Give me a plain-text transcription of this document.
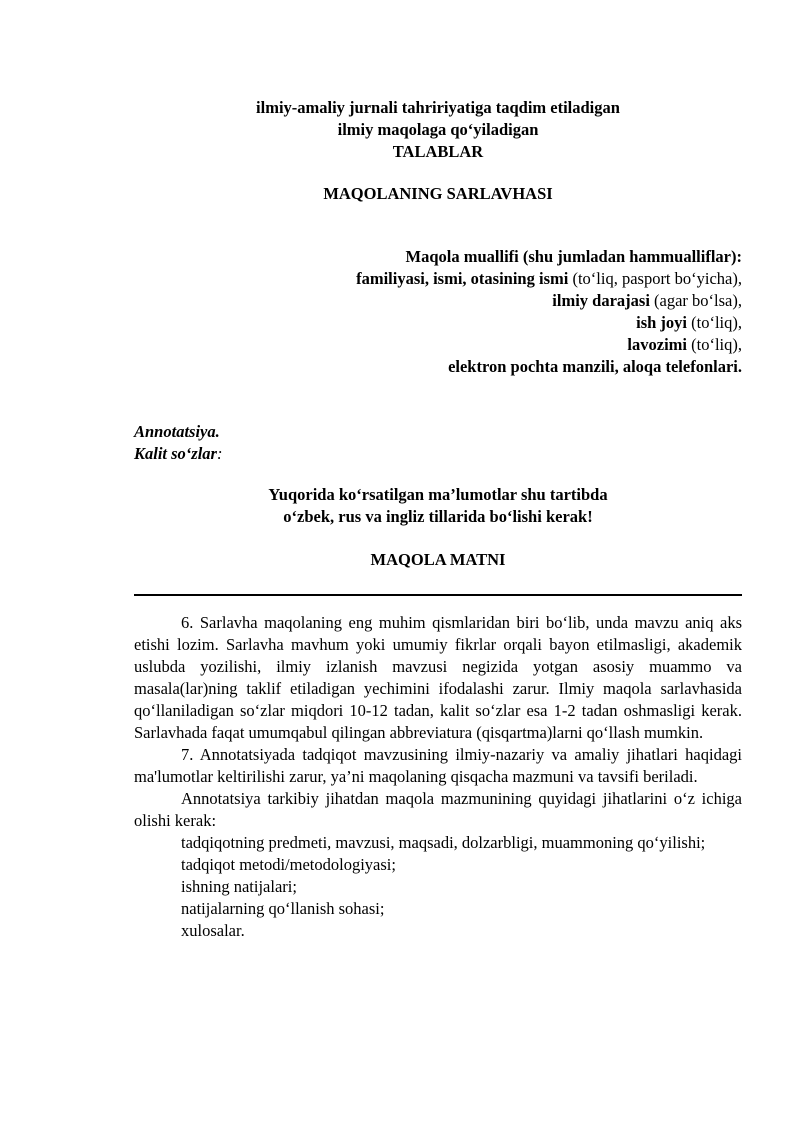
ilmiy-amaliy jurnali tahririyatiga taqdim etiladigan
ilmiy maqolaga qo‘yiladigan
TALABLAR
MAQOLANING SARLAVHASI
Maqola muallifi (shu jumladan hammualliflar):
familiyasi, ismi, otasining ismi (to‘liq, pasport bo‘yicha),
ilmiy darajasi (agar bo‘lsa),
ish joyi (to‘liq),
lavozimi (to‘liq),
elektron pochta manzili, aloqa telefonlari.
Annotatsiya.
Kalit so‘zlar:
Yuqorida ko‘rsatilgan ma’lumotlar shu tartibda
o‘zbek, rus va ingliz tillarida bo‘lishi kerak!
MAQOLA MATNI

6. Sarlavha maqolaning eng muhim qismlaridan biri bo‘lib, unda mavzu aniq aks etishi lozim. Sarlavha mavhum yoki umumiy fikrlar orqali bayon etilmasligi, akademik uslubda yozilishi, ilmiy izlanish mavzusi negizida yotgan asosiy muammo va masala(lar)ning taklif etiladigan yechimini ifodalashi zarur. Ilmiy maqola sarlavhasida qo‘llaniladigan so‘zlar miqdori 10-12 tadan, kalit so‘zlar esa 1-2 tadan oshmasligi kerak. Sarlavhada faqat umumqabul qilingan abbreviatura (qisqartma)larni qo‘llash mumkin.

7. Annotatsiyada tadqiqot mavzusining ilmiy-nazariy va amaliy jihatlari haqidagi ma'lumotlar keltirilishi zarur, ya’ni maqolaning qisqacha mazmuni va tavsifi beriladi.

Annotatsiya tarkibiy jihatdan maqola mazmunining quyidagi jihatlarini o‘z ichiga olishi kerak:

tadqiqotning predmeti, mavzusi, maqsadi, dolzarbligi, muammoning qo‘yilishi;

tadqiqot metodi/metodologiyasi;

ishning natijalari;

natijalarning qo‘llanish sohasi;

xulosalar.
